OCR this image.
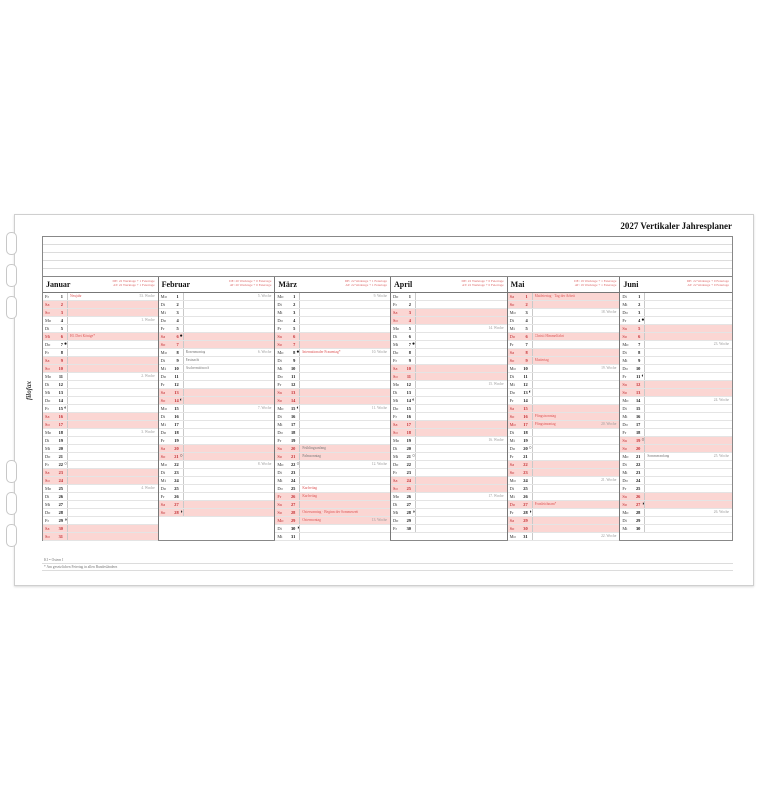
filofax
2027 Vertikaler Jahresplaner
Januar	DE: 22 Werktage + 1 Feiertage
AT: 22 Werktage + 1 Feiertage
Fr	1 Neujahr	53. Woche
Sa	2
So	3
Mo	4	1. Woche
Di	5
Mi	6 Hl. Drei Könige*
Do	7 ●
Fr	8
Sa	9
So	10
Mo	11	2. Woche
Di	12
Mi	13
Do	14
Fr	15 ◐
Sa	16
So	17
Mo	18	3. Woche
Di	19
Mi	20
Do	21
Fr	22 ○
Sa	23
So	24
Mo	25	4. Woche
Di	26
Mi	27
Do	28
Fr	29 ◑
Sa	30
So	31
Februar	DE: 20 Werktage + 0 Feiertage
AT: 20 Werktage + 0 Feiertage
Mo	1	5. Woche
Di	2
Mi	3
Do	4
Fr	5
Sa	6 ●
So	7
Mo	8 Rosenmontag	6. Woche
Di	9 Fastnacht
Mi	10 Aschermittwoch
Do	11
Fr	12
Sa	13
So	14 ◐
Mo	15	7. Woche
Di	16
Mi	17
Do	18
Fr	19
Sa	20
So	21 ○
Mo	22	8. Woche
Di	23
Mi	24
Do	25
Fr	26
Sa	27
So	28 ◑
März	DE: 22 Werktage + 1 Feiertage
AT: 22 Werktage + 1 Feiertage
Mo	1	9. Woche
Di	2
Mi	3
Do	4
Fr	5
Sa	6
So	7
Mo	8 ● Internationaler Frauentag*	10. Woche
Di	9
Mi	10
Do	11
Fr	12
Sa	13
So	14
Mo	15 ◐	11. Woche
Di	16
Mi	17
Do	18
Fr	19
Sa	20 Frühlingsanfang
So	21 Palmsonntag
Mo	22 ○	12. Woche
Di	23
Mi	24
Do	25 Karfreitag
Fr	26 Karfreitag
Sa	27
So	28 Ostersonntag · Beginn der Sommerzeit
Mo	29 Ostermontag	13. Woche
Di	30 ◑
Mi	31
April	DE: 22 Werktage + 0 Feiertage
AT: 22 Werktage + 0 Feiertage
Do	1
Fr	2
Sa	3
So	4
Mo	5	14. Woche
Di	6
Mi	7 ●
Do	8
Fr	9
Sa	10
So	11
Mo	12	15. Woche
Di	13
Mi	14 ◐
Do	15
Fr	16
Sa	17
So	18
Mo	19	16. Woche
Di	20
Mi	21 ○
Do	22
Fr	23
Sa	24
So	25
Mo	26	17. Woche
Di	27
Mi	28 ◑
Do	29
Fr	30
Mai	DE: 19 Werktage + 1 Feiertage
AT: 19 Werktage + 1 Feiertage
Sa	1 Maifeiertag · Tag der Arbeit
So	2
Mo	3	18. Woche
Di	4
Mi	5
Do	6 Christi Himmelfahrt
Fr	7
Sa	8
So	9 Muttertag
Mo	10	19. Woche
Di	11
Mi	12
Do	13 ◐
Fr	14
Sa	15
So	16 Pfingstsonntag
Mo	17 Pfingstmontag	20. Woche
Di	18
Mi	19
Do	20 ○
Fr	21
Sa	22
So	23
Mo	24	21. Woche
Di	25
Mi	26
Do	27 Fronleichnam*
Fr	28 ◑
Sa	29
So	30
Mo	31	22. Woche
Juni	DE: 22 Werktage + 0 Feiertage
AT: 22 Werktage + 0 Feiertage
Di	1
Mi	2
Do	3
Fr	4 ●
Sa	5
So	6
Mo	7	23. Woche
Di	8
Mi	9
Do	10
Fr	11 ◐
Sa	12
So	13
Mo	14	24. Woche
Di	15
Mi	16
Do	17
Fr	18
Sa	19 ○
So	20
Mo	21 Sommeranfang	25. Woche
Di	22
Mi	23
Do	24
Fr	25
Sa	26
So	27 ◑
Mo	28	26. Woche
Di	29
Mi	30
KI = Ostern I
* Am gesetzlichen Feiertag in allen Bundesländern
